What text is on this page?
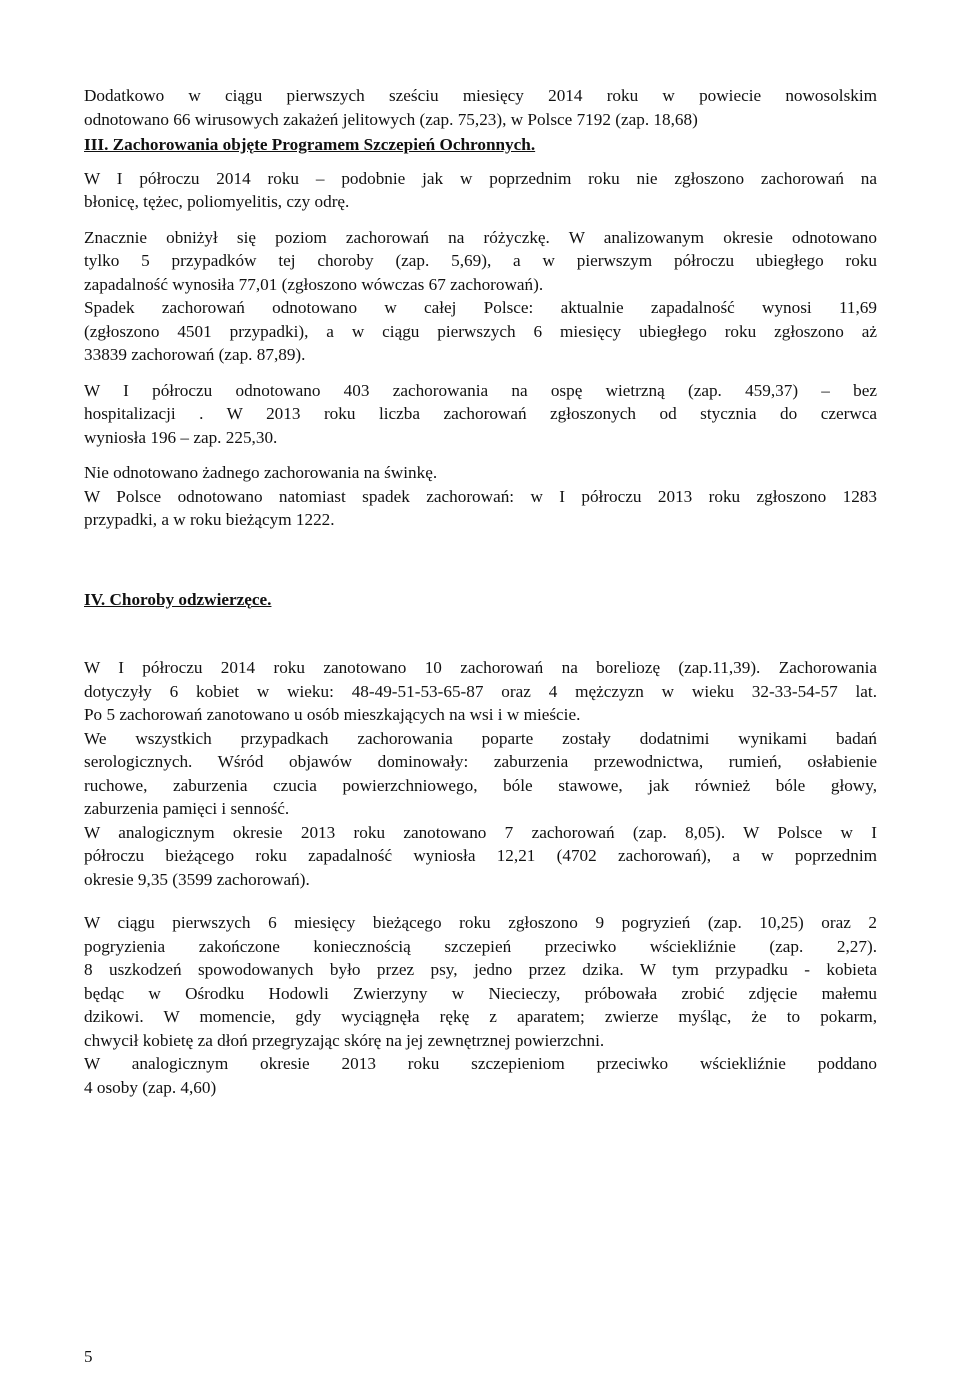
Dodatkowo w ciągu pierwszych sześciu miesięcy 2014 roku w powiecie nowosolskim
odnotowano 66 wirusowych zakażeń jelitowych (zap. 75,23), w Polsce 7192 (zap. 18,68)
III. Zachorowania objęte Programem Szczepień Ochronnych.
W I półroczu 2014 roku – podobnie jak w poprzednim roku nie zgłoszono zachorowań na
błonicę, tężec, poliomyelitis, czy odrę.
Znacznie obniżył się poziom zachorowań na różyczkę. W analizowanym okresie odnotowano
tylko 5 przypadków tej choroby (zap. 5,69), a w pierwszym półroczu ubiegłego roku
zapadalność wynosiła 77,01 (zgłoszono wówczas 67 zachorowań).
Spadek zachorowań odnotowano w całej Polsce: aktualnie zapadalność wynosi 11,69
(zgłoszono 4501 przypadki), a w ciągu pierwszych 6 miesięcy ubiegłego roku zgłoszono aż
33839 zachorowań (zap. 87,89).
W I półroczu odnotowano 403 zachorowania na ospę wietrzną (zap. 459,37) – bez
hospitalizacji . W 2013 roku liczba zachorowań zgłoszonych od stycznia do czerwca
wyniosła 196 – zap. 225,30.
Nie odnotowano żadnego zachorowania na świnkę.
W Polsce odnotowano natomiast spadek zachorowań: w I półroczu 2013 roku zgłoszono 1283
przypadki, a w roku bieżącym 1222.
IV. Choroby odzwierzęce.
W I półroczu 2014 roku zanotowano 10 zachorowań na boreliozę (zap.11,39). Zachorowania
dotyczyły 6 kobiet w wieku: 48-49-51-53-65-87 oraz 4 mężczyzn w wieku 32-33-54-57 lat.
Po 5 zachorowań zanotowano u osób mieszkających na wsi i w mieście.
We wszystkich przypadkach zachorowania poparte zostały dodatnimi wynikami badań
serologicznych. Wśród objawów dominowały: zaburzenia przewodnictwa, rumień, osłabienie
ruchowe, zaburzenia czucia powierzchniowego, bóle stawowe, jak również bóle głowy,
zaburzenia pamięci i senność.
W analogicznym okresie 2013 roku zanotowano 7 zachorowań (zap. 8,05). W Polsce w I
półroczu bieżącego roku zapadalność wyniosła 12,21 (4702 zachorowań), a w poprzednim
okresie 9,35 (3599 zachorowań).
W ciągu pierwszych 6 miesięcy bieżącego roku zgłoszono 9 pogryzień (zap. 10,25) oraz 2
pogryzienia zakończone koniecznością szczepień przeciwko wściekliźnie (zap. 2,27).
8 uszkodzeń spowodowanych było przez psy, jedno przez dzika. W tym przypadku - kobieta
będąc w Ośrodku Hodowli Zwierzyny w Niecieczy, próbowała zrobić zdjęcie małemu
dzikowi. W momencie, gdy wyciągnęła rękę z aparatem; zwierze myśląc, że to pokarm,
chwycił kobietę za dłoń przegryzając skórę na jej zewnętrznej powierzchni.
W analogicznym okresie 2013 roku szczepieniom przeciwko wściekliźnie poddano
4 osoby (zap. 4,60)
5
